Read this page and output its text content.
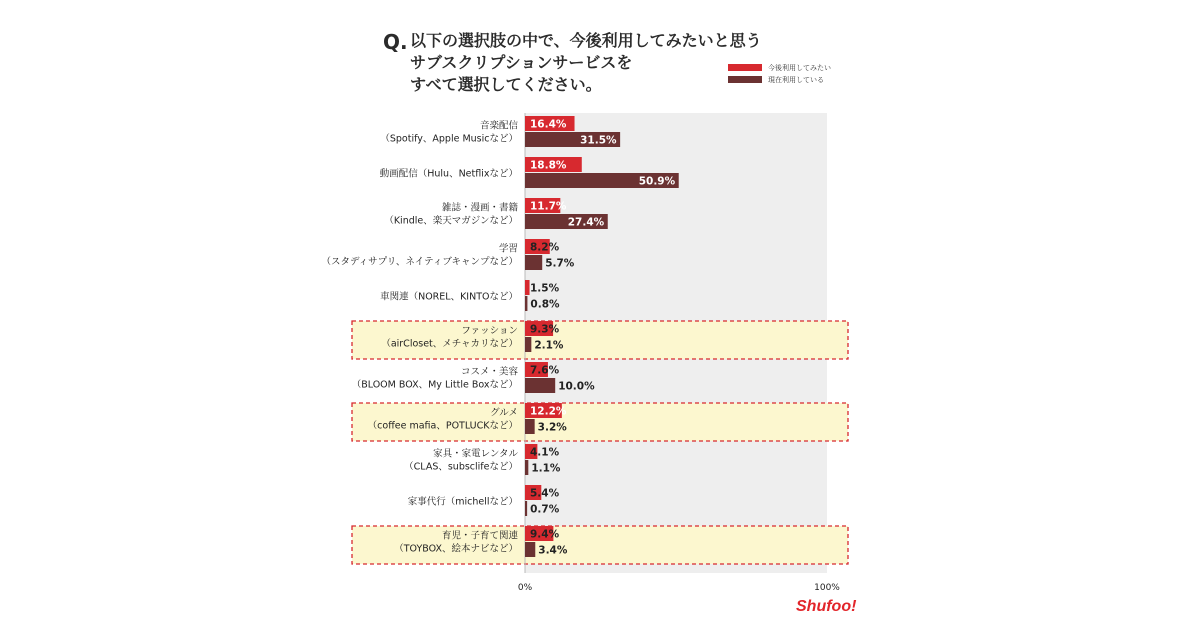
Q. 以下の選択肢の中で、今後利用してみたいと思う
サブスクリプションサービスを
すべて選択してください。
今後利用してみたい
現在利用している
音楽配信
（Spotify、Apple Musicなど）
16.4%
31.5%
動画配信（Hulu、Netflixなど）
18.8%
50.9%
雑誌・漫画・書籍
（Kindle、楽天マガジンなど）
11.7%
27.4%
学習
（スタディサプリ、ネイティブキャンプなど）
8.2%
5.7%
車関連（NOREL、KINTOなど）
1.5%
0.8%
ファッション
（airCloset、メチャカリなど）
9.3%
2.1%
コスメ・美容
（BLOOM BOX、My Little Boxなど）
7.6%
10.0%
グルメ
（coffee mafia、POTLUCKなど）
12.2%
3.2%
家具・家電レンタル
（CLAS、subsclifeなど）
4.1%
1.1%
家事代行（michellなど）
5.4%
0.7%
育児・子育て関連
（TOYBOX、絵本ナビなど）
9.4%
3.4%
0%	100%
Shufoo!
